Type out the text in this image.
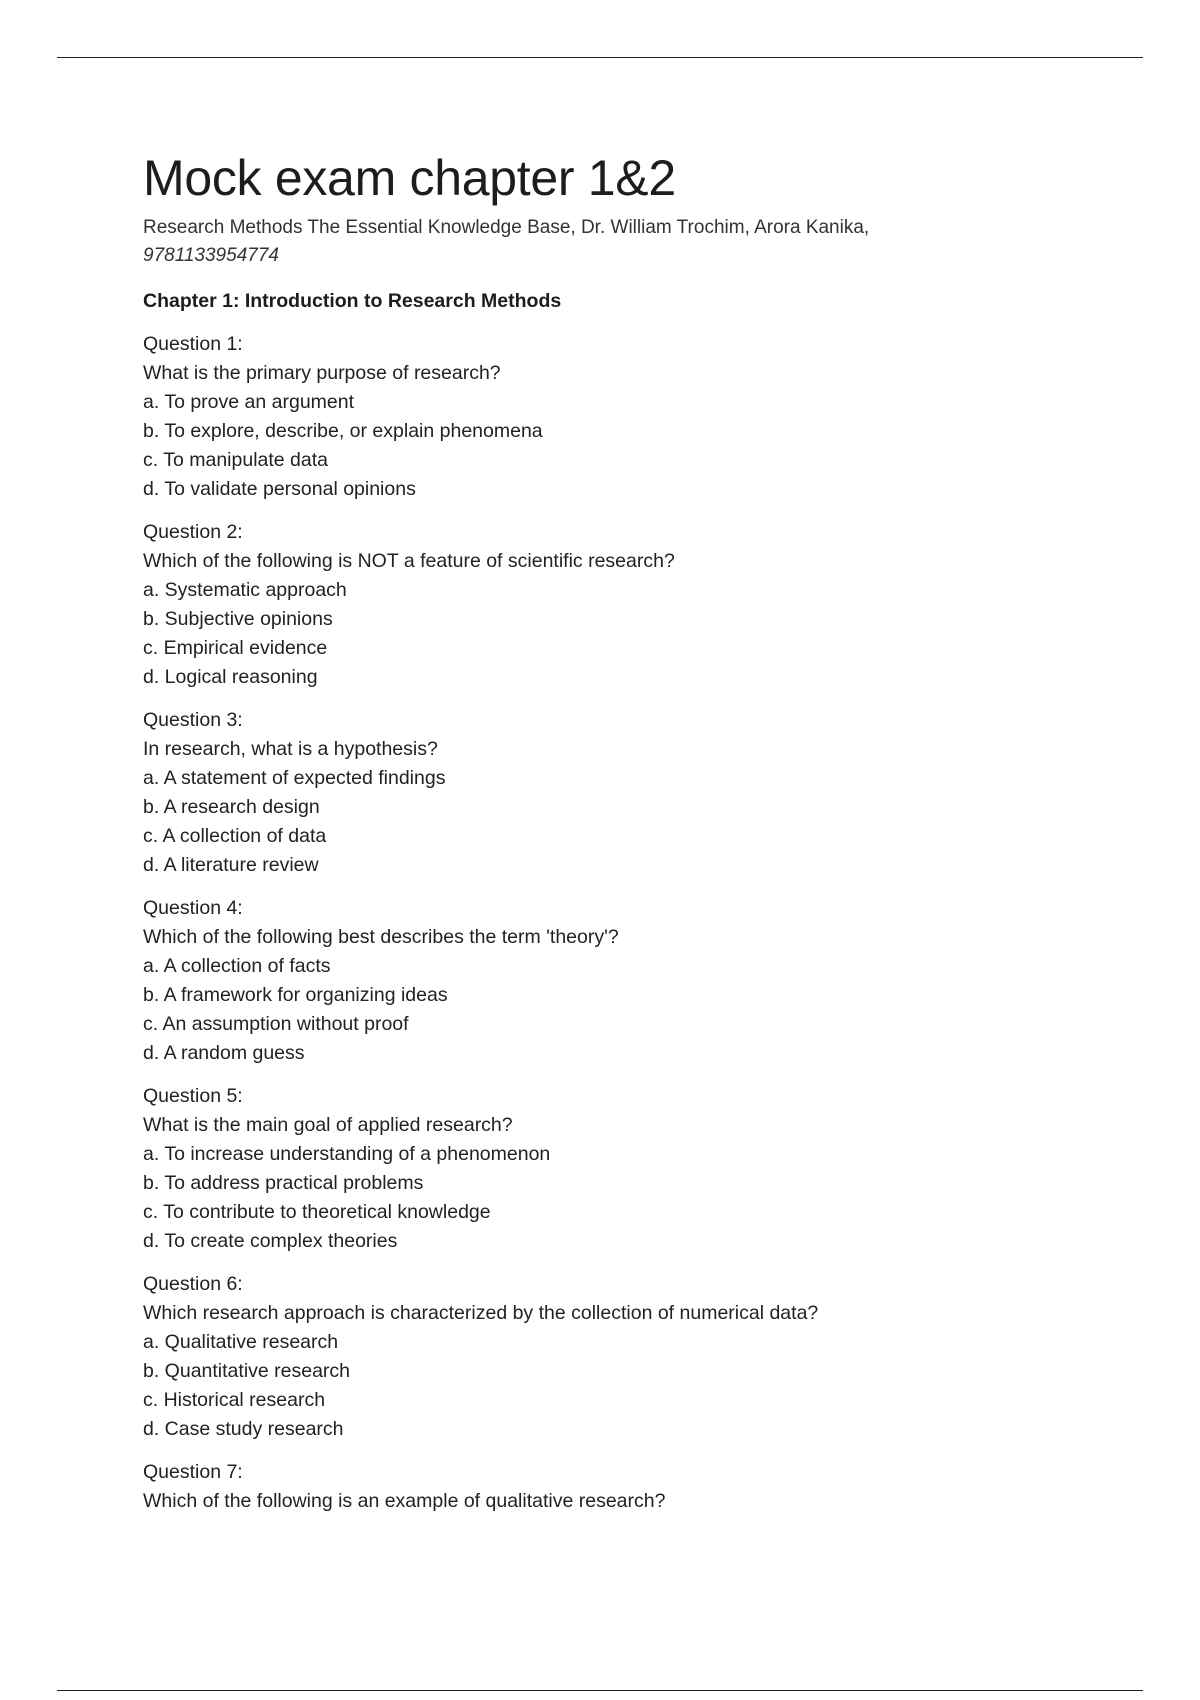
Mock exam chapter 1&2
Research Methods The Essential Knowledge Base, Dr. William Trochim, Arora Kanika,
9781133954774
Chapter 1: Introduction to Research Methods
Question 1:
What is the primary purpose of research?
a. To prove an argument
b. To explore, describe, or explain phenomena
c. To manipulate data
d. To validate personal opinions
Question 2:
Which of the following is NOT a feature of scientific research?
a. Systematic approach
b. Subjective opinions
c. Empirical evidence
d. Logical reasoning
Question 3:
In research, what is a hypothesis?
a. A statement of expected findings
b. A research design
c. A collection of data
d. A literature review
Question 4:
Which of the following best describes the term 'theory'?
a. A collection of facts
b. A framework for organizing ideas
c. An assumption without proof
d. A random guess
Question 5:
What is the main goal of applied research?
a. To increase understanding of a phenomenon
b. To address practical problems
c. To contribute to theoretical knowledge
d. To create complex theories
Question 6:
Which research approach is characterized by the collection of numerical data?
a. Qualitative research
b. Quantitative research
c. Historical research
d. Case study research
Question 7:
Which of the following is an example of qualitative research?
